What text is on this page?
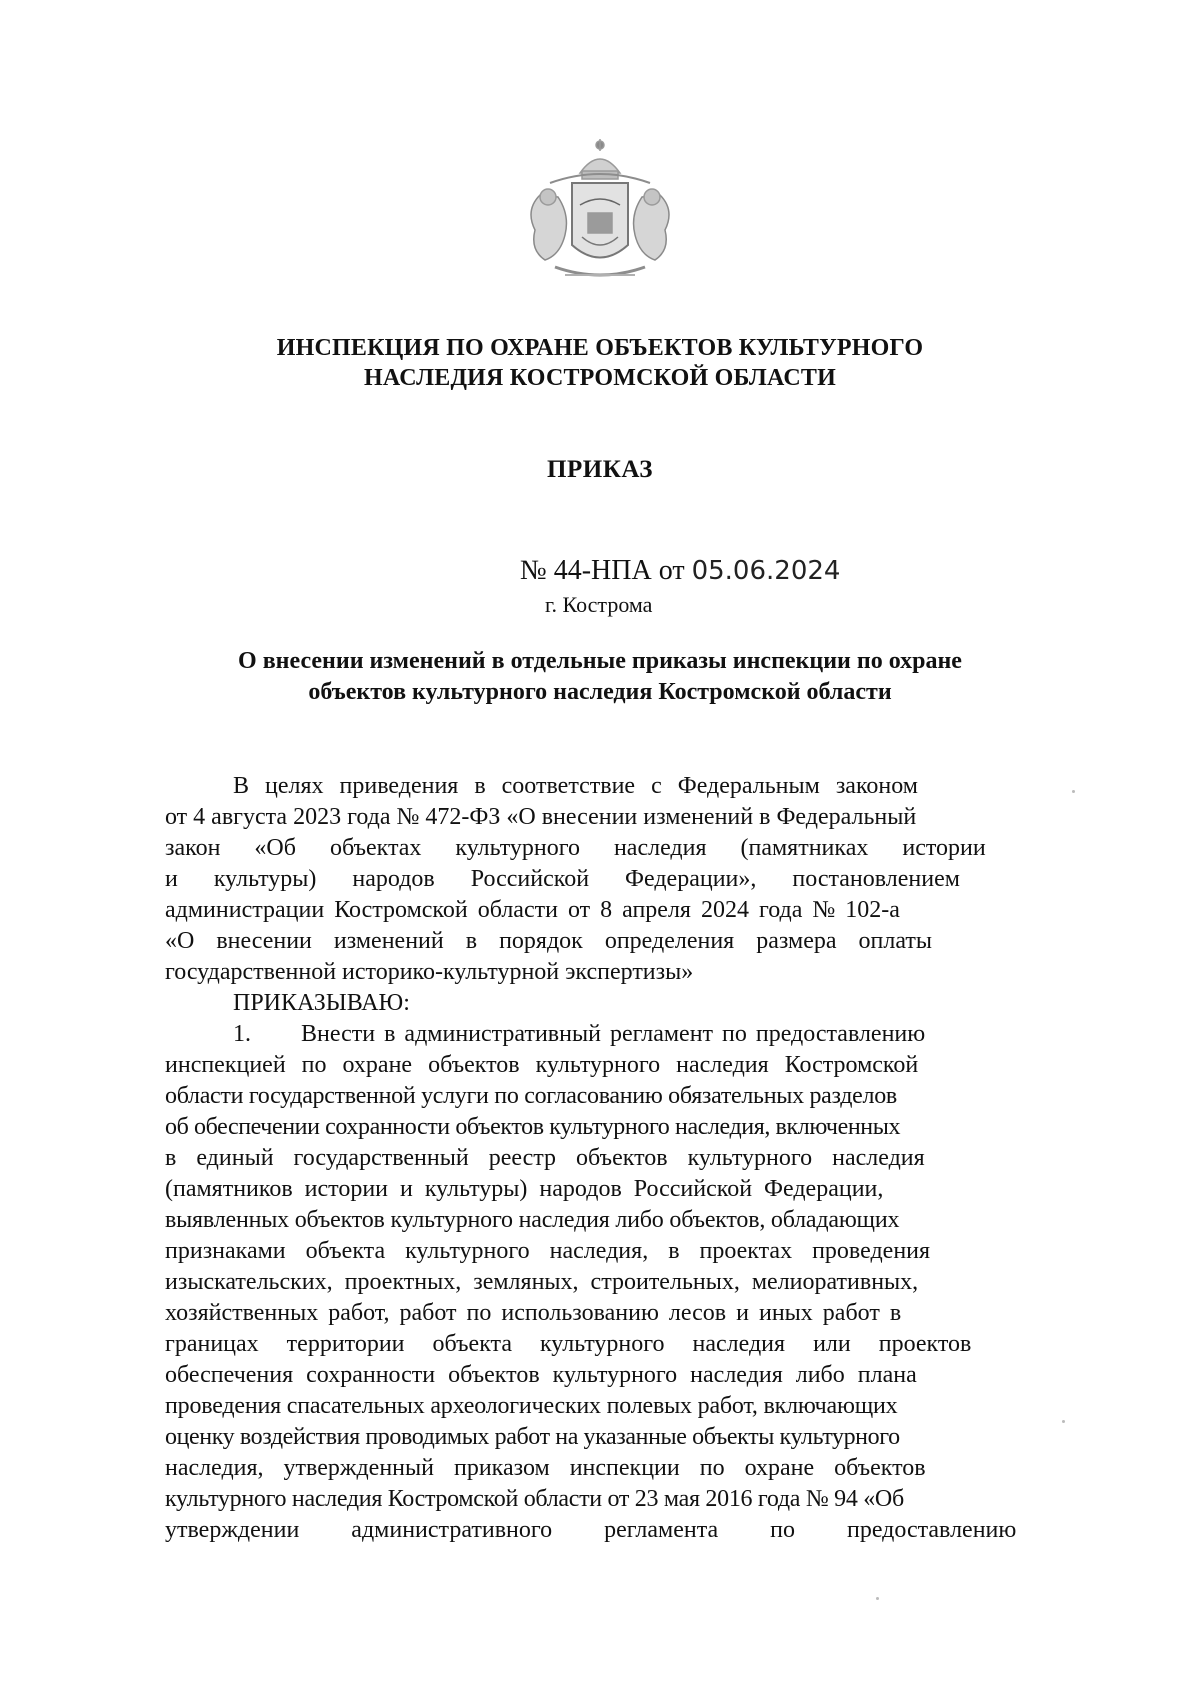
ИНСПЕКЦИЯ ПО ОХРАНЕ ОБЪЕКТОВ КУЛЬТУРНОГО
НАСЛЕДИЯ КОСТРОМСКОЙ ОБЛАСТИ
ПРИКАЗ
№ 44-НПА от 05.06.2024
г. Кострома
О внесении изменений в отдельные приказы инспекции по охране
объектов культурного наследия Костромской области
В целях приведения в соответствие с Федеральным законом
от 4 августа 2023 года № 472-ФЗ «О внесении изменений в Федеральный
закон «Об объектах культурного наследия (памятниках истории
и культуры) народов Российской Федерации», постановлением
администрации Костромской области от 8 апреля 2024 года № 102-а
«О внесении изменений в порядок определения размера оплаты
государственной историко-культурной экспертизы»
ПРИКАЗЫВАЮ:
1. Внести в административный регламент по предоставлению
инспекцией по охране объектов культурного наследия Костромской
области государственной услуги по согласованию обязательных разделов
об обеспечении сохранности объектов культурного наследия, включенных
в единый государственный реестр объектов культурного наследия
(памятников истории и культуры) народов Российской Федерации,
выявленных объектов культурного наследия либо объектов, обладающих
признаками объекта культурного наследия, в проектах проведения
изыскательских, проектных, земляных, строительных, мелиоративных,
хозяйственных работ, работ по использованию лесов и иных работ в
границах территории объекта культурного наследия или проектов
обеспечения сохранности объектов культурного наследия либо плана
проведения спасательных археологических полевых работ, включающих
оценку воздействия проводимых работ на указанные объекты культурного
наследия, утвержденный приказом инспекции по охране объектов
культурного наследия Костромской области от 23 мая 2016 года № 94 «Об
утверждении административного регламента по предоставлению
